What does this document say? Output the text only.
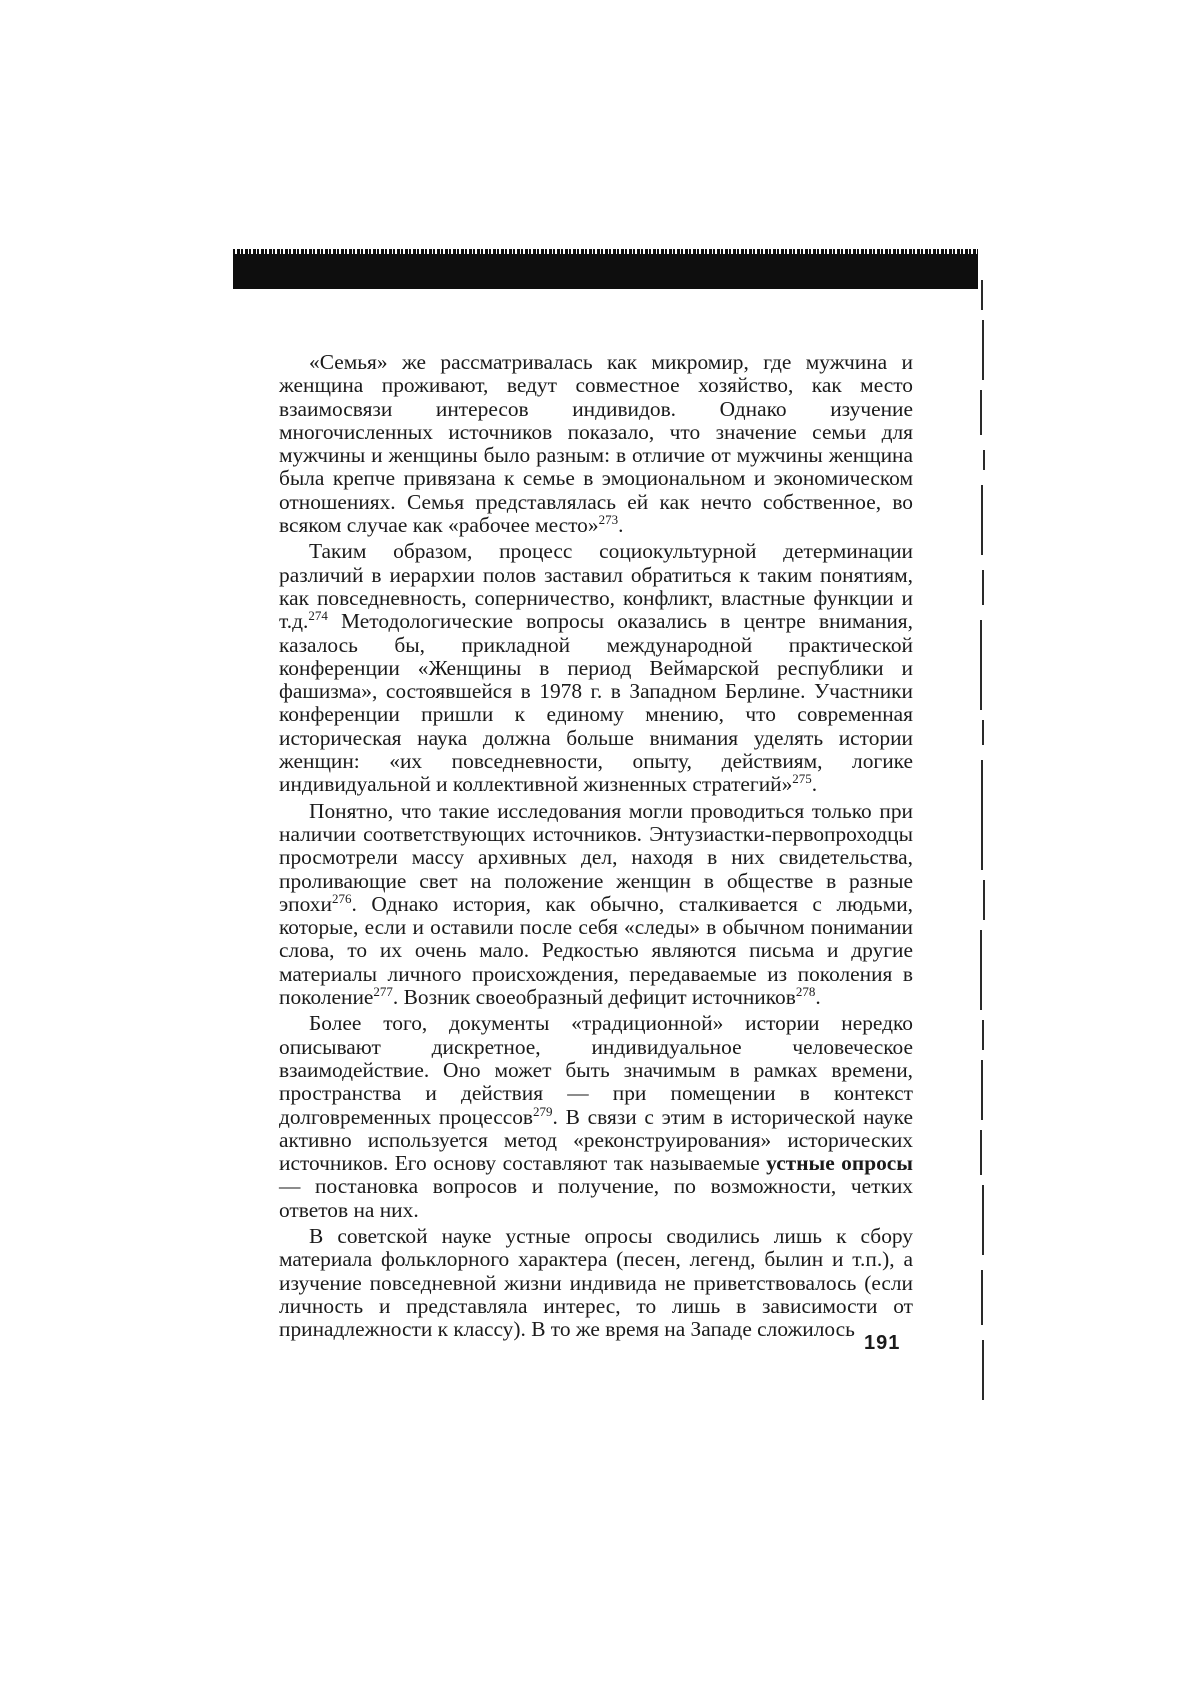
«Семья» же рассматривалась как микромир, где мужчина и женщина проживают, ведут совместное хозяйство, как место взаимосвязи интересов индивидов. Однако изучение многочисленных источников показало, что значение семьи для мужчины и женщины было разным: в отличие от мужчины женщина была крепче привязана к семье в эмоциональном и экономическом отношениях. Семья представлялась ей как нечто собственное, во всяком случае как «рабочее место»$^{273}$.

Таким образом, процесс социокультурной детерминации различий в иерархии полов заставил обратиться к таким понятиям, как повседневность, соперничество, конфликт, властные функции и т.д.$^{274}$ Методологические вопросы оказались в центре внимания, казалось бы, прикладной международной практической конференции «Женщины в период Веймарской республики и фашизма», состоявшейся в 1978 г. в Западном Берлине. Участники конференции пришли к единому мнению, что современная историческая наука должна больше внимания уделять истории женщин: «их повседневности, опыту, действиям, логике индивидуальной и коллективной жизненных стратегий»$^{275}$.

Понятно, что такие исследования могли проводиться только при наличии соответствующих источников. Энтузиастки-первопроходцы просмотрели массу архивных дел, находя в них свидетельства, проливающие свет на положение женщин в обществе в разные эпохи$^{276}$. Однако история, как обычно, сталкивается с людьми, которые, если и оставили после себя «следы» в обычном понимании слова, то их очень мало. Редкостью являются письма и другие материалы личного происхождения, передаваемые из поколения в поколение$^{277}$. Возник своеобразный дефицит источников$^{278}$.

Более того, документы «традиционной» истории нередко описывают дискретное, индивидуальное человеческое взаимодействие. Оно может быть значимым в рамках времени, пространства и действия — при помещении в контекст долговременных процессов$^{279}$. В связи с этим в исторической науке активно используется метод «реконструирования» исторических источников. Его основу составляют так называемые устные опросы — постановка вопросов и получение, по возможности, четких ответов на них.

В советской науке устные опросы сводились лишь к сбору материала фольклорного характера (песен, легенд, былин и т.п.), а изучение повседневной жизни индивида не приветствовалось (если личность и представляла интерес, то лишь в зависимости от принадлежности к классу). В то же время на Западе сложилось

191
